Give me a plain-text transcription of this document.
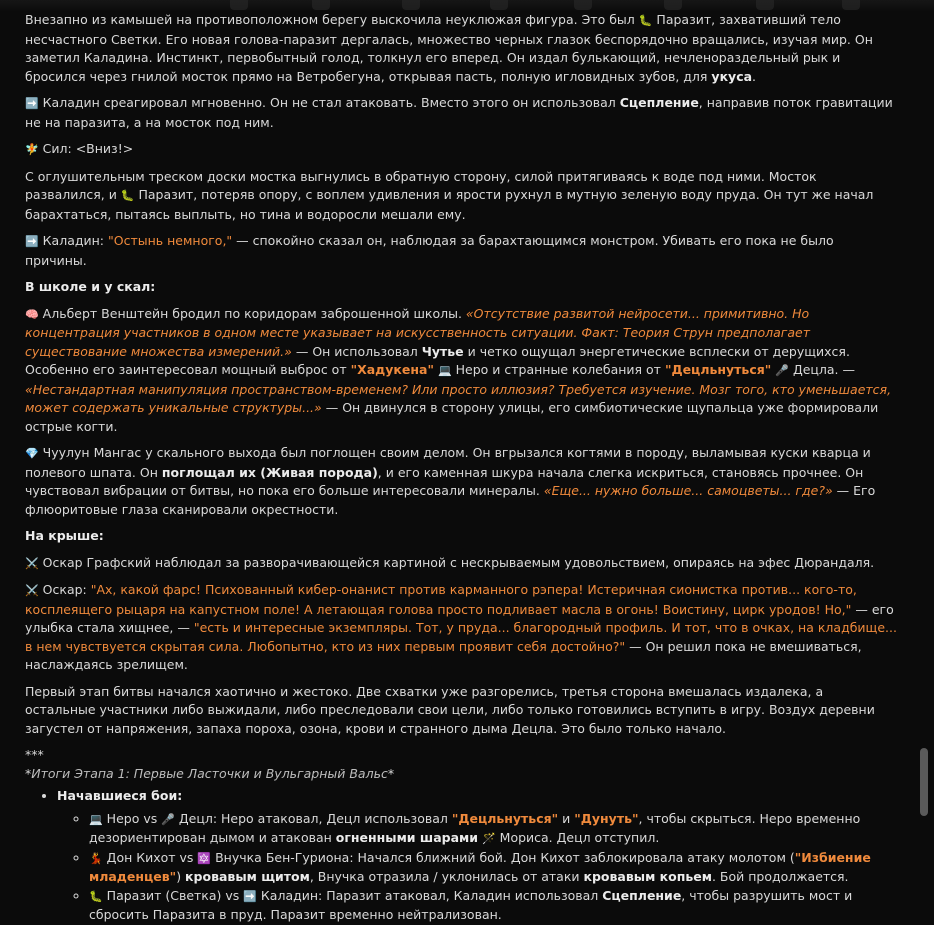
Внезапно из камышей на противоположном берегу выскочила неуклюжая фигура. Это был 🐛 Паразит, захвативший тело несчастного Светки. Его новая голова-паразит дергалась, множество черных глазок беспорядочно вращались, изучая мир. Он заметил Каладина. Инстинкт, первобытный голод, толкнул его вперед. Он издал булькающий, нечленораздельный рык и бросился через гнилой мосток прямо на Ветробегуна, открывая пасть, полную игловидных зубов, для укуса.

➡️ Каладин среагировал мгновенно. Он не стал атаковать. Вместо этого он использовал Сцепление, направив поток гравитации не на паразита, а на мосток под ним.

🧚 Сил: <Вниз!>

С оглушительным треском доски мостка выгнулись в обратную сторону, силой притягиваясь к воде под ними. Мосток развалился, и 🐛 Паразит, потеряв опору, с воплем удивления и ярости рухнул в мутную зеленую воду пруда. Он тут же начал барахтаться, пытаясь выплыть, но тина и водоросли мешали ему.

➡️ Каладин: "Остынь немного," — спокойно сказал он, наблюдая за барахтающимся монстром. Убивать его пока не было причины.

В школе и у скал:

🧠 Альберт Венштейн бродил по коридорам заброшенной школы. «Отсутствие развитой нейросети... примитивно. Но концентрация участников в одном месте указывает на искусственность ситуации. Факт: Теория Струн предполагает существование множества измерений.» — Он использовал Чутье и четко ощущал энергетические всплески от дерущихся. Особенно его заинтересовал мощный выброс от "Хадукена" 💻 Неро и странные колебания от "Децльнуться" 🎤 Децла. — «Нестандартная манипуляция пространством-временем? Или просто иллюзия? Требуется изучение. Мозг того, кто уменьшается, может содержать уникальные структуры...» — Он двинулся в сторону улицы, его симбиотические щупальца уже формировали острые когти.

💎 Чуулун Мангас у скального выхода был поглощен своим делом. Он вгрызался когтями в породу, выламывая куски кварца и полевого шпата. Он поглощал их (Живая порода), и его каменная шкура начала слегка искриться, становясь прочнее. Он чувствовал вибрации от битвы, но пока его больше интересовали минералы. «Еще... нужно больше... самоцветы... где?» — Его флюоритовые глаза сканировали окрестности.

На крыше:

⚔️ Оскар Графский наблюдал за разворачивающейся картиной с нескрываемым удовольствием, опираясь на эфес Дюрандаля.

⚔️ Оскар: "Ах, какой фарс! Психованный кибер-онанист против карманного рэпера! Истеричная сионистка против... кого-то, косплеящего рыцаря на капустном поле! А летающая голова просто подливает масла в огонь! Воистину, цирк уродов! Но," — его улыбка стала хищнее, — "есть и интересные экземпляры. Тот, у пруда... благородный профиль. И тот, что в очках, на кладбище... в нем чувствуется скрытая сила. Любопытно, кто из них первым проявит себя достойно?" — Он решил пока не вмешиваться, наслаждаясь зрелищем.

Первый этап битвы начался хаотично и жестоко. Две схватки уже разгорелись, третья сторона вмешалась издалека, а остальные участники либо выжидали, либо преследовали свои цели, либо только готовились вступить в игру. Воздух деревни загустел от напряжения, запаха пороха, озона, крови и странного дыма Децла. Это было только начало.

***
*Итоги Этапа 1: Первые Ласточки и Вульгарный Вальс*
• Начавшиеся бои:
◦ 💻 Неро vs 🎤 Децл: Неро атаковал, Децл использовал "Децльнуться" и "Дунуть", чтобы скрыться. Неро временно дезориентирован дымом и атакован огненными шарами 🪄 Мориса. Децл отступил.
◦ 💃 Дон Кихот vs 🔯 Внучка Бен-Гуриона: Начался ближний бой. Дон Кихот заблокировала атаку молотом ("Избиение младенцев") кровавым щитом, Внучка отразила / уклонилась от атаки кровавым копьем. Бой продолжается.
◦ 🐛 Паразит (Светка) vs ➡️ Каладин: Паразит атаковал, Каладин использовал Сцепление, чтобы разрушить мост и сбросить Паразита в пруд. Паразит временно нейтрализован.
